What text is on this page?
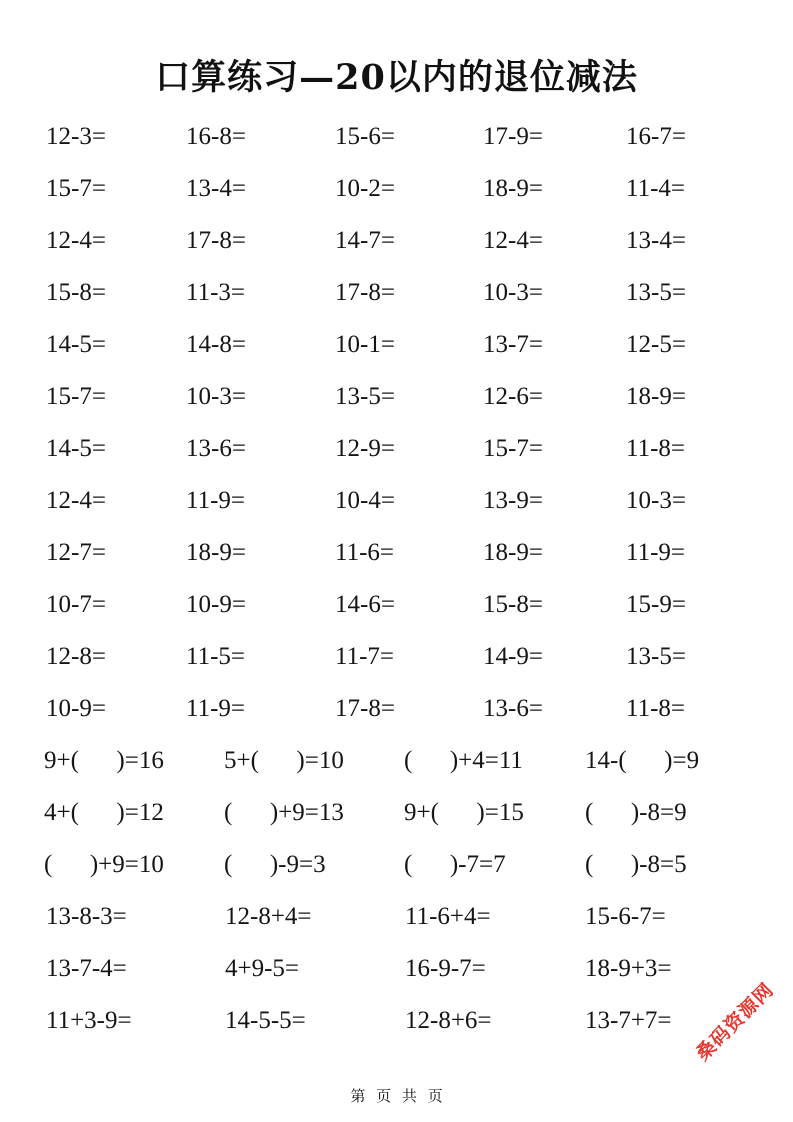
口算练习—20以内的退位减法
12-3=	16-8=	15-6=	17-9=	16-7=
15-7=	13-4=	10-2=	18-9=	11-4=
12-4=	17-8=	14-7=	12-4=	13-4=
15-8=	11-3=	17-8=	10-3=	13-5=
14-5=	14-8=	10-1=	13-7=	12-5=
15-7=	10-3=	13-5=	12-6=	18-9=
14-5=	13-6=	12-9=	15-7=	11-8=
12-4=	11-9=	10-4=	13-9=	10-3=
12-7=	18-9=	11-6=	18-9=	11-9=
10-7=	10-9=	14-6=	15-8=	15-9=
12-8=	11-5=	11-7=	14-9=	13-5=
10-9=	11-9=	17-8=	13-6=	11-8=
9+(      )=16 5+(      )=10 (      )+4=11 14-(      )=9
4+(      )=12 (      )+9=13 9+(      )=15 (      )-8=9
(      )+9=10 (      )-9=3	(      )-7=7	(      )-8=5
13-8-3=	12-8+4=	11-6+4=	15-6-7=
13-7-4=	4+9-5=	16-9-7=	18-9+3=
11+3-9=	14-5-5=	12-8+6=	13-7+7=	桑码资源网
第 页 共 页
